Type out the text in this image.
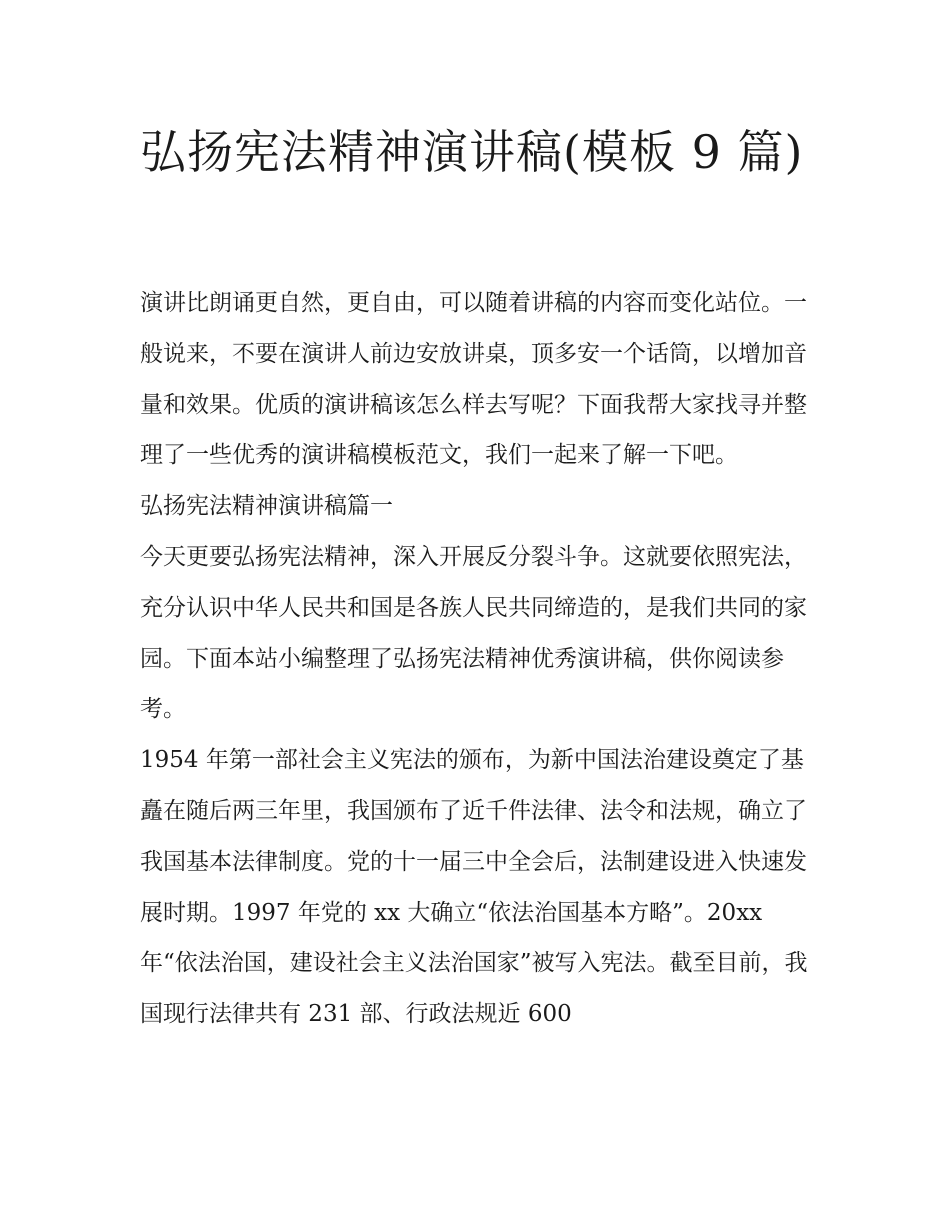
弘扬宪法精神演讲稿(模板 9 篇)

演讲比朗诵更自然，更自由，可以随着讲稿的内容而变化站位。一般说来，不要在演讲人前边安放讲桌，顶多安一个话筒，以增加音量和效果。优质的演讲稿该怎么样去写呢？下面我帮大家找寻并整理了一些优秀的演讲稿模板范文，我们一起来了解一下吧。

弘扬宪法精神演讲稿篇一

今天更要弘扬宪法精神，深入开展反分裂斗争。这就要依照宪法，充分认识中华人民共和国是各族人民共同缔造的，是我们共同的家园。下面本站小编整理了弘扬宪法精神优秀演讲稿，供你阅读参考。

1954 年第一部社会主义宪法的颁布，为新中国法治建设奠定了基矗在随后两三年里，我国颁布了近千件法律、法令和法规，确立了我国基本法律制度。党的十一届三中全会后，法制建设进入快速发展时期。1997 年党的 xx 大确立“依法治国基本方略”。20xx 年“依法治国，建设社会主义法治国家”被写入宪法。截至目前，我国现行法律共有 231 部、行政法规近 600
